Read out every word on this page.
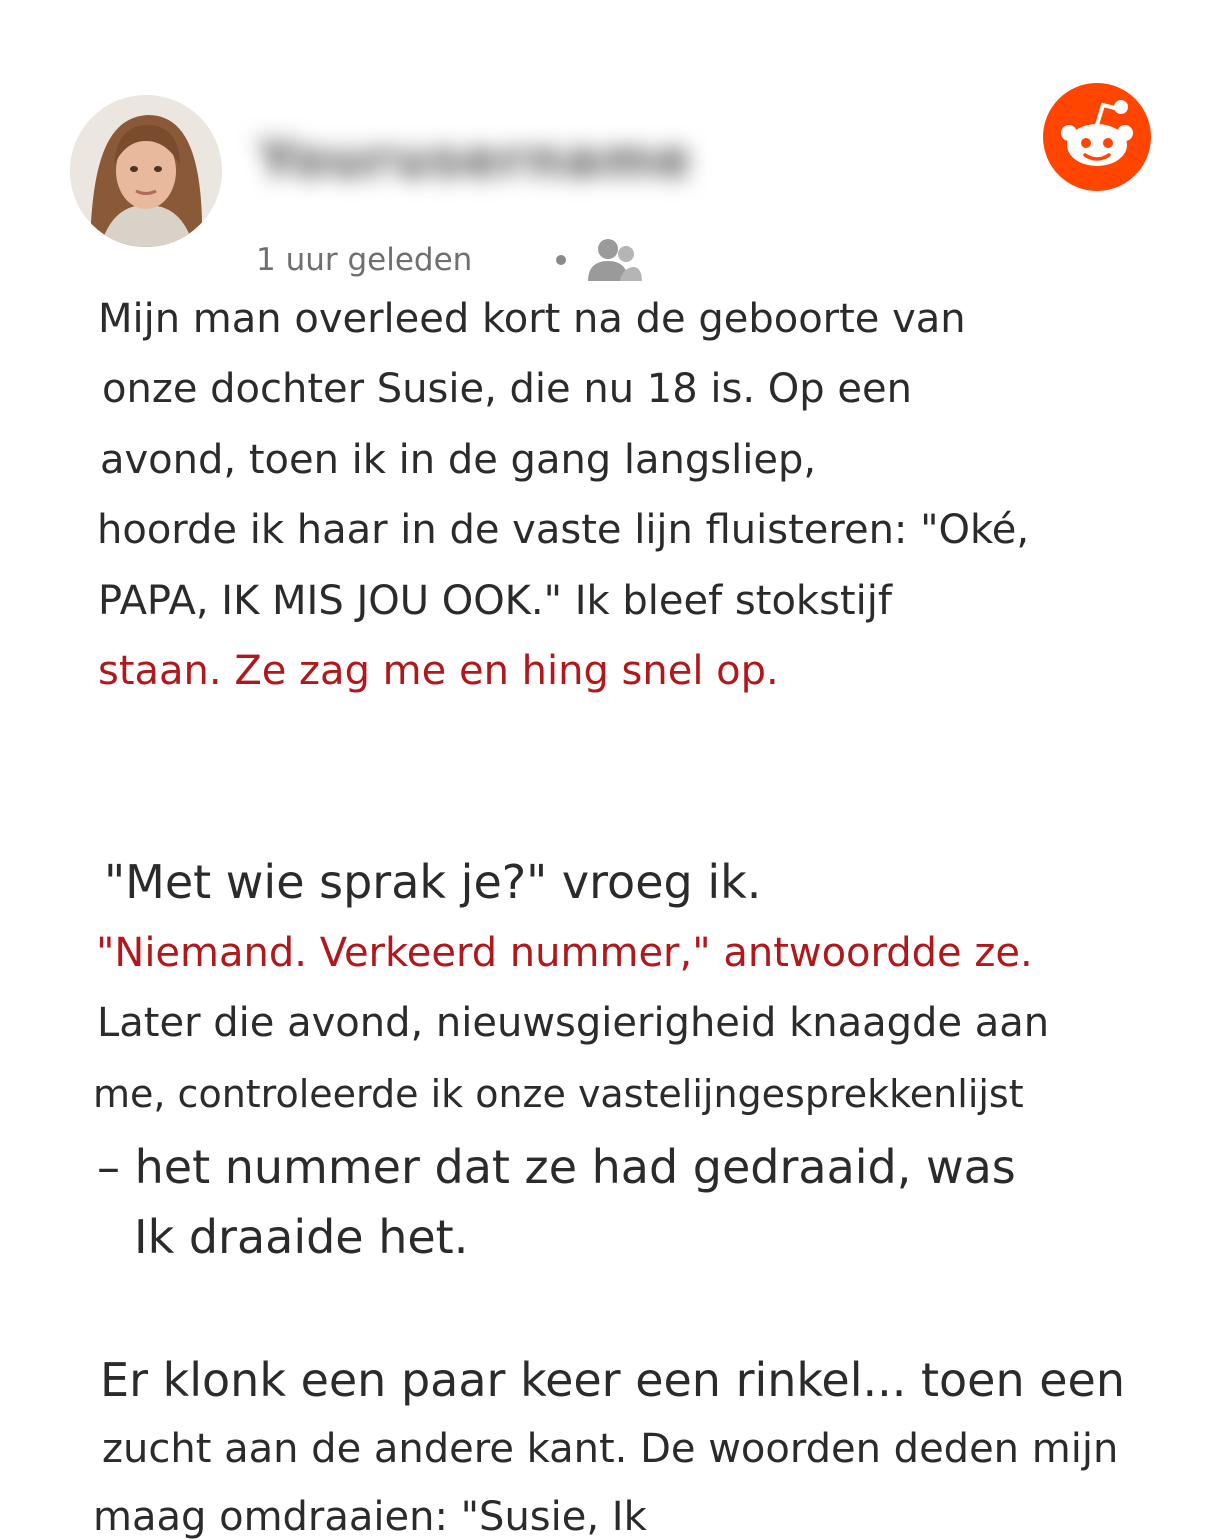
Yourusername
1 uur geleden
Mijn man overleed kort na de geboorte van
onze dochter Susie, die nu 18 is. Op een
avond, toen ik in de gang langsliep,
hoorde ik haar in de vaste lijn fluisteren: "Oké,
PAPA, IK MIS JOU OOK." Ik bleef stokstijf
staan. Ze zag me en hing snel op.
"Met wie sprak je?" vroeg ik.
"Niemand. Verkeerd nummer," antwoordde ze.
Later die avond, nieuwsgierigheid knaagde aan
me, controleerde ik onze vastelijngesprekkenlijst
– het nummer dat ze had gedraaid, was
Ik draaide het.
Er klonk een paar keer een rinkel... toen een
zucht aan de andere kant. De woorden deden mijn
maag omdraaien: "Susie, Ik
